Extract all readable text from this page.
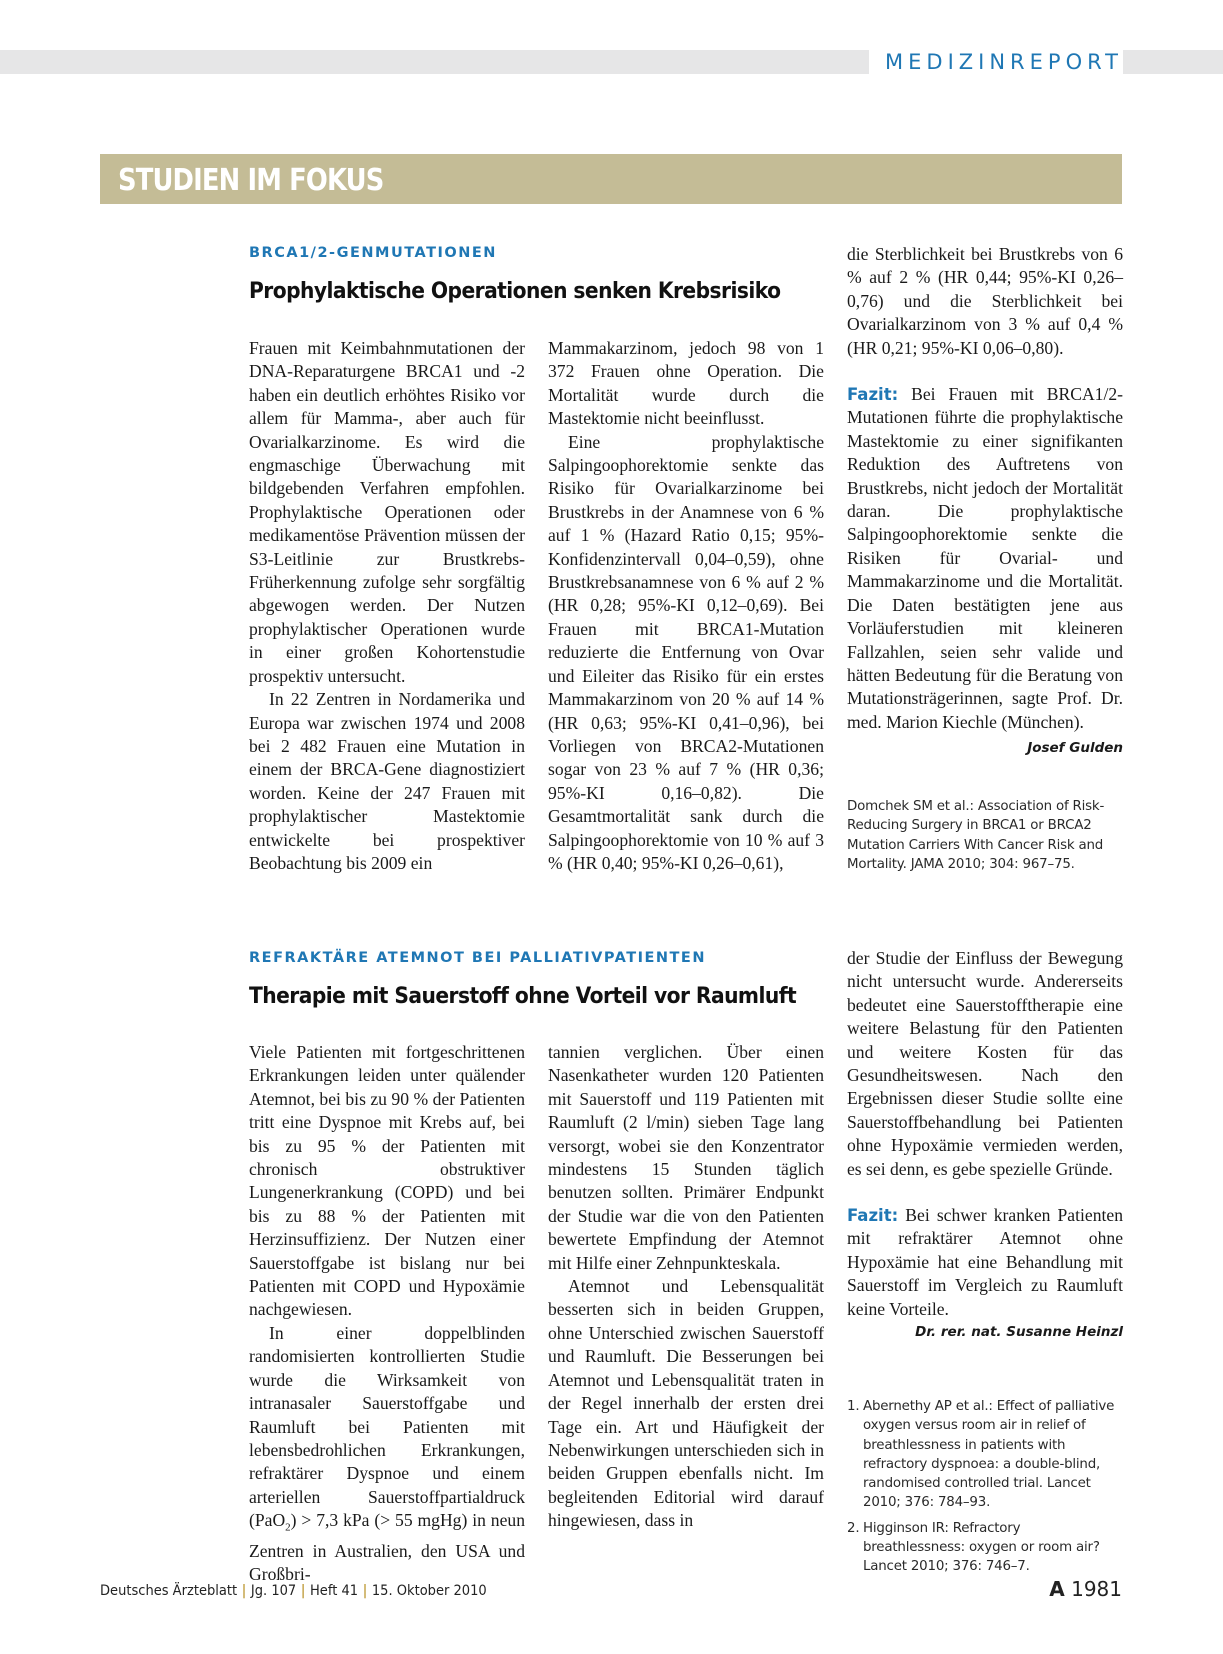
MEDIZINREPORT
STUDIEN IM FOKUS
BRCA1/2-GENMUTATIONEN
Prophylaktische Operationen senken Krebsrisiko

Frauen mit Keimbahnmutationen der DNA-Reparaturgene BRCA1 und -2 haben ein deutlich erhöhtes Risiko vor allem für Mamma-, aber auch für Ovarialkarzinome. Es wird die engmaschige Überwachung mit bildgebenden Verfahren empfohlen. Prophylaktische Operationen oder medikamentöse Prävention müssen der S3-Leitlinie zur Brustkrebs-Früherkennung zufolge sehr sorgfältig abgewogen werden. Der Nutzen prophylaktischer Operationen wurde in einer großen Kohortenstudie prospektiv untersucht.

In 22 Zentren in Nordamerika und Europa war zwischen 1974 und 2008 bei 2 482 Frauen eine Mutation in einem der BRCA-Gene diagnostiziert worden. Keine der 247 Frauen mit prophylaktischer Mastektomie entwickelte bei prospektiver Beobachtung bis 2009 ein

Mammakarzinom, jedoch 98 von 1 372 Frauen ohne Operation. Die Mortalität wurde durch die Mastektomie nicht beeinflusst.

Eine prophylaktische Salpingoophorektomie senkte das Risiko für Ovarialkarzinome bei Brustkrebs in der Anamnese von 6 % auf 1 % (Hazard Ratio 0,15; 95%-Konfidenzintervall 0,04–0,59), ohne Brustkrebsanamnese von 6 % auf 2 % (HR 0,28; 95%-KI 0,12–0,69). Bei Frauen mit BRCA1-Mutation reduzierte die Entfernung von Ovar und Eileiter das Risiko für ein erstes Mammakarzinom von 20 % auf 14 % (HR 0,63; 95%-KI 0,41–0,96), bei Vorliegen von BRCA2-Mutationen sogar von 23 % auf 7 % (HR 0,36; 95%-KI 0,16–0,82). Die Gesamtmortalität sank durch die Salpingoophorektomie von 10 % auf 3 % (HR 0,40; 95%-KI 0,26–0,61),

die Sterblichkeit bei Brustkrebs von 6 % auf 2 % (HR 0,44; 95%-KI 0,26–0,76) und die Sterblichkeit bei Ovarialkarzinom von 3 % auf 0,4 % (HR 0,21; 95%-KI 0,06–0,80).

Fazit: Bei Frauen mit BRCA1/2-Mutationen führte die prophylaktische Mastektomie zu einer signifikanten Reduktion des Auftretens von Brustkrebs, nicht jedoch der Mortalität daran. Die prophylaktische Salpingoophorektomie senkte die Risiken für Ovarial- und Mammakarzinome und die Mortalität. Die Daten bestätigten jene aus Vorläuferstudien mit kleineren Fallzahlen, seien sehr valide und hätten Bedeutung für die Beratung von Mutationsträgerinnen, sagte Prof. Dr. med. Marion Kiechle (München).
Josef Gulden

Domchek SM et al.: Association of Risk-Reducing Surgery in BRCA1 or BRCA2 Mutation Carriers With Cancer Risk and Mortality. JAMA 2010; 304: 967–75.
REFRAKTÄRE ATEMNOT BEI PALLIATIVPATIENTEN
Therapie mit Sauerstoff ohne Vorteil vor Raumluft

Viele Patienten mit fortgeschrittenen Erkrankungen leiden unter quälender Atemnot, bei bis zu 90 % der Patienten tritt eine Dyspnoe mit Krebs auf, bei bis zu 95 % der Patienten mit chronisch obstruktiver Lungenerkrankung (COPD) und bei bis zu 88 % der Patienten mit Herzinsuffizienz. Der Nutzen einer Sauerstoffgabe ist bislang nur bei Patienten mit COPD und Hypoxämie nachgewiesen.

In einer doppelblinden randomisierten kontrollierten Studie wurde die Wirksamkeit von intranasaler Sauerstoffgabe und Raumluft bei Patienten mit lebensbedrohlichen Erkrankungen, refraktärer Dyspnoe und einem arteriellen Sauerstoffpartialdruck (PaO$_2$) > 7,3 kPa (> 55 mgHg) in neun Zentren in Australien, den USA und Großbri-

tannien verglichen. Über einen Nasenkatheter wurden 120 Patienten mit Sauerstoff und 119 Patienten mit Raumluft (2 l/min) sieben Tage lang versorgt, wobei sie den Konzentrator mindestens 15 Stunden täglich benutzen sollten. Primärer Endpunkt der Studie war die von den Patienten bewertete Empfindung der Atemnot mit Hilfe einer Zehnpunkteskala.

Atemnot und Lebensqualität besserten sich in beiden Gruppen, ohne Unterschied zwischen Sauerstoff und Raumluft. Die Besserungen bei Atemnot und Lebensqualität traten in der Regel innerhalb der ersten drei Tage ein. Art und Häufigkeit der Nebenwirkungen unterschieden sich in beiden Gruppen ebenfalls nicht. Im begleitenden Editorial wird darauf hingewiesen, dass in

der Studie der Einfluss der Bewegung nicht untersucht wurde. Andererseits bedeutet eine Sauerstofftherapie eine weitere Belastung für den Patienten und weitere Kosten für das Gesundheitswesen. Nach den Ergebnissen dieser Studie sollte eine Sauerstoffbehandlung bei Patienten ohne Hypoxämie vermieden werden, es sei denn, es gebe spezielle Gründe.

Fazit: Bei schwer kranken Patienten mit refraktärer Atemnot ohne Hypoxämie hat eine Behandlung mit Sauerstoff im Vergleich zu Raumluft keine Vorteile.

Dr. rer. nat. Susanne Heinzl
1. Abernethy AP et al.: Effect of palliative oxygen versus room air in relief of breathlessness in patients with refractory dyspnoea: a double-blind, randomised controlled trial. Lancet 2010; 376: 784–93.
2. Higginson IR: Refractory breathlessness: oxygen or room air? Lancet 2010; 376: 746–7.
Deutsches Ärzteblatt | Jg. 107 | Heft 41 | 15. Oktober 2010	A 1981
